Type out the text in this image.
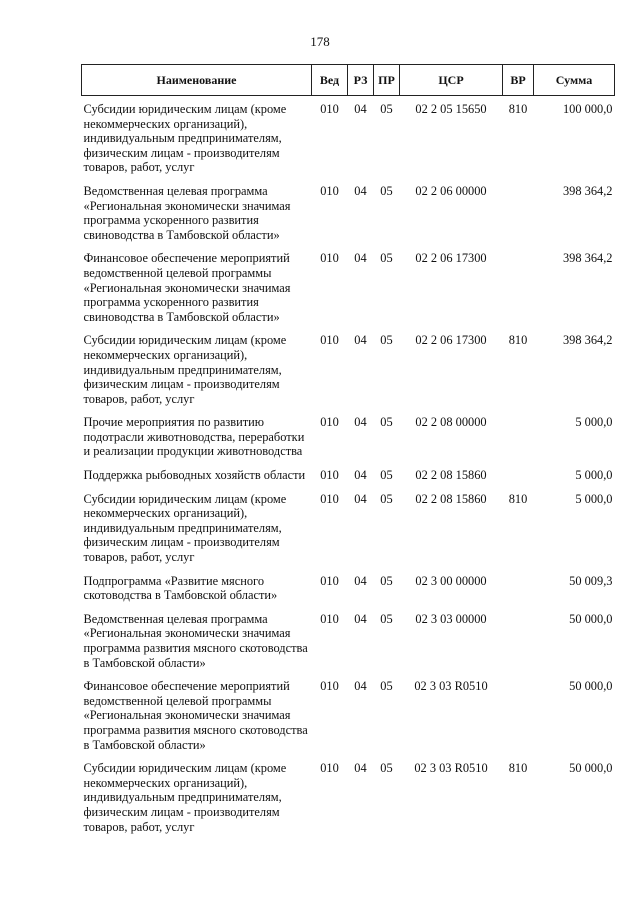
178
Наименование	Вед	РЗ	ПР	ЦСР	ВР	Сумма
Субсидии юридическим лицам (кроме некоммерческих организаций), индивидуальным предпринимателям, физическим лицам - производителям товаров, работ, услуг	010	04	05	02 2 05 15650	810	100 000,0
Ведомственная целевая программа «Региональная экономически значимая программа ускоренного развития свиноводства в Тамбовской области»	010	04	05	02 2 06 00000		398 364,2
Финансовое обеспечение мероприятий ведомственной целевой программы «Региональная экономически значимая программа ускоренного развития свиноводства в Тамбовской области»	010	04	05	02 2 06 17300		398 364,2
Субсидии юридическим лицам (кроме некоммерческих организаций), индивидуальным предпринимателям, физическим лицам - производителям товаров, работ, услуг	010	04	05	02 2 06 17300	810	398 364,2
Прочие мероприятия по развитию подотрасли животноводства, переработки и реализации продукции животноводства	010	04	05	02 2 08 00000		5 000,0
Поддержка рыбоводных хозяйств области	010	04	05	02 2 08 15860		5 000,0
Субсидии юридическим лицам (кроме некоммерческих организаций), индивидуальным предпринимателям, физическим лицам - производителям товаров, работ, услуг	010	04	05	02 2 08 15860	810	5 000,0
Подпрограмма «Развитие мясного скотоводства в Тамбовской области»	010	04	05	02 3 00 00000		50 009,3
Ведомственная целевая программа «Региональная экономически значимая программа развития мясного скотоводства в Тамбовской области»	010	04	05	02 3 03 00000		50 000,0
Финансовое обеспечение мероприятий ведомственной целевой программы «Региональная экономически значимая программа развития мясного скотоводства в Тамбовской области»	010	04	05	02 3 03 R0510		50 000,0
Субсидии юридическим лицам (кроме некоммерческих организаций), индивидуальным предпринимателям, физическим лицам - производителям товаров, работ, услуг	010	04	05	02 3 03 R0510	810	50 000,0
